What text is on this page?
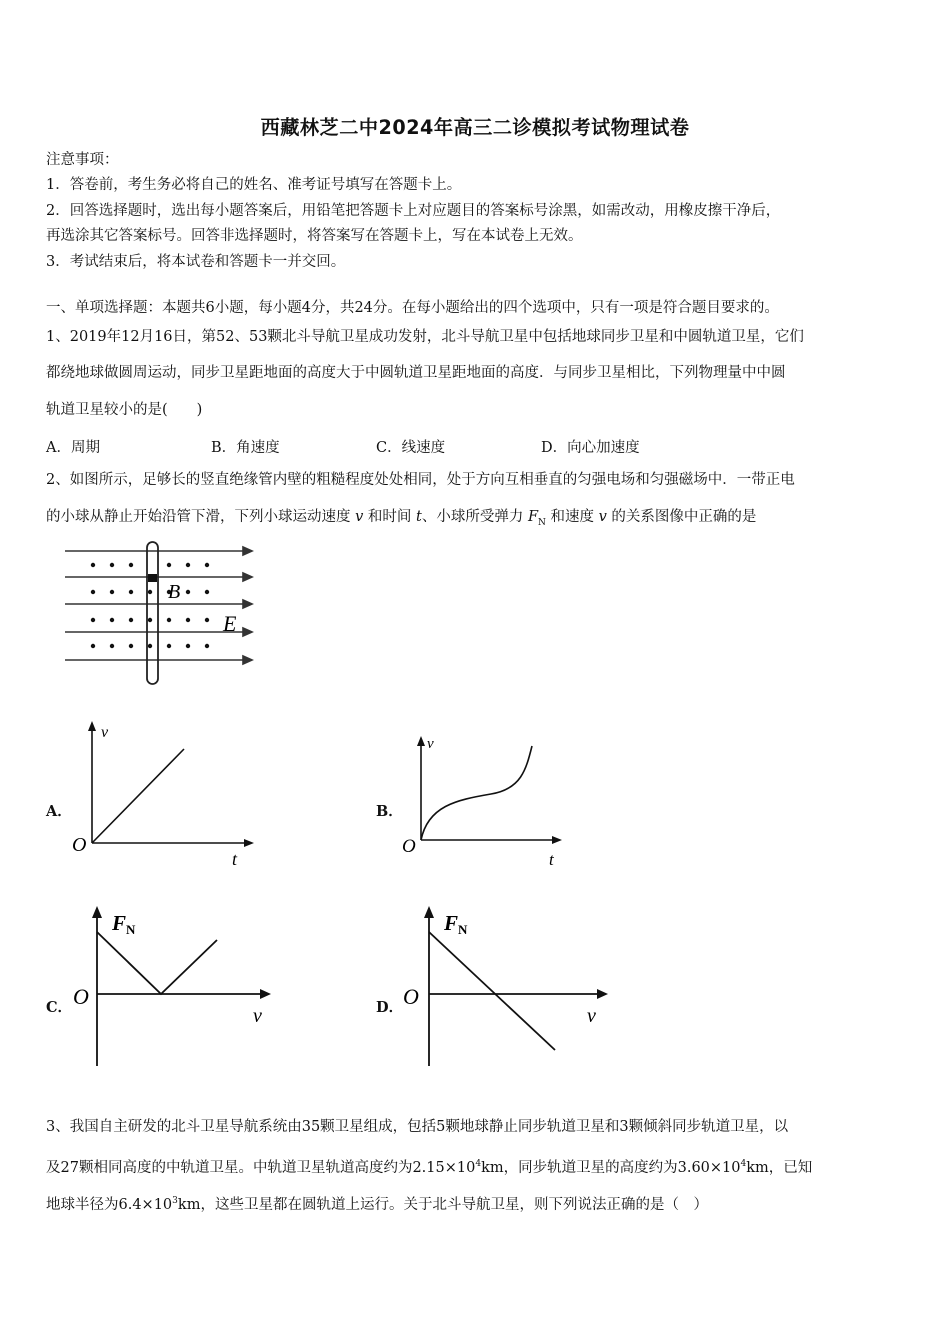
西藏林芝二中2024年高三二诊模拟考试物理试卷
注意事项：
1．答卷前，考生务必将自己的姓名、准考证号填写在答题卡上。
2．回答选择题时，选出每小题答案后，用铅笔把答题卡上对应题目的答案标号涂黑，如需改动，用橡皮擦干净后，
再选涂其它答案标号。回答非选择题时，将答案写在答题卡上，写在本试卷上无效。
3．考试结束后，将本试卷和答题卡一并交回。
一、单项选择题：本题共6小题，每小题4分，共24分。在每小题给出的四个选项中，只有一项是符合题目要求的。
1、2019年12月16日，第52、53颗北斗导航卫星成功发射，北斗导航卫星中包括地球同步卫星和中圆轨道卫星，它们
都绕地球做圆周运动，同步卫星距地面的高度大于中圆轨道卫星距地面的高度．与同步卫星相比，下列物理量中中圆
轨道卫星较小的是(　　)
A．周期	B．角速度	C．线速度	D．向心加速度
2、如图所示，足够长的竖直绝缘管内壁的粗糙程度处处相同，处于方向互相垂直的匀强电场和匀强磁场中．一带正电
的小球从静止开始沿管下滑，下列小球运动速度 v 和时间 t、小球所受弹力 $F_N$ 和速度 v 的关系图像中正确的是
B
E
A．
v
t
O
B．
v
t
O
C．
FN
v
O	D．
FN
v
O
3、我国自主研发的北斗卫星导航系统由35颗卫星组成，包括5颗地球静止同步轨道卫星和3颗倾斜同步轨道卫星，以
及27颗相同高度的中轨道卫星。中轨道卫星轨道高度约为$2.15\times 10^4km$，同步轨道卫星的高度约为$3.60\times 10^4km$，已知
地球半径为$6.4\times 10^3km$，这些卫星都在圆轨道上运行。关于北斗导航卫星，则下列说法正确的是（　）
